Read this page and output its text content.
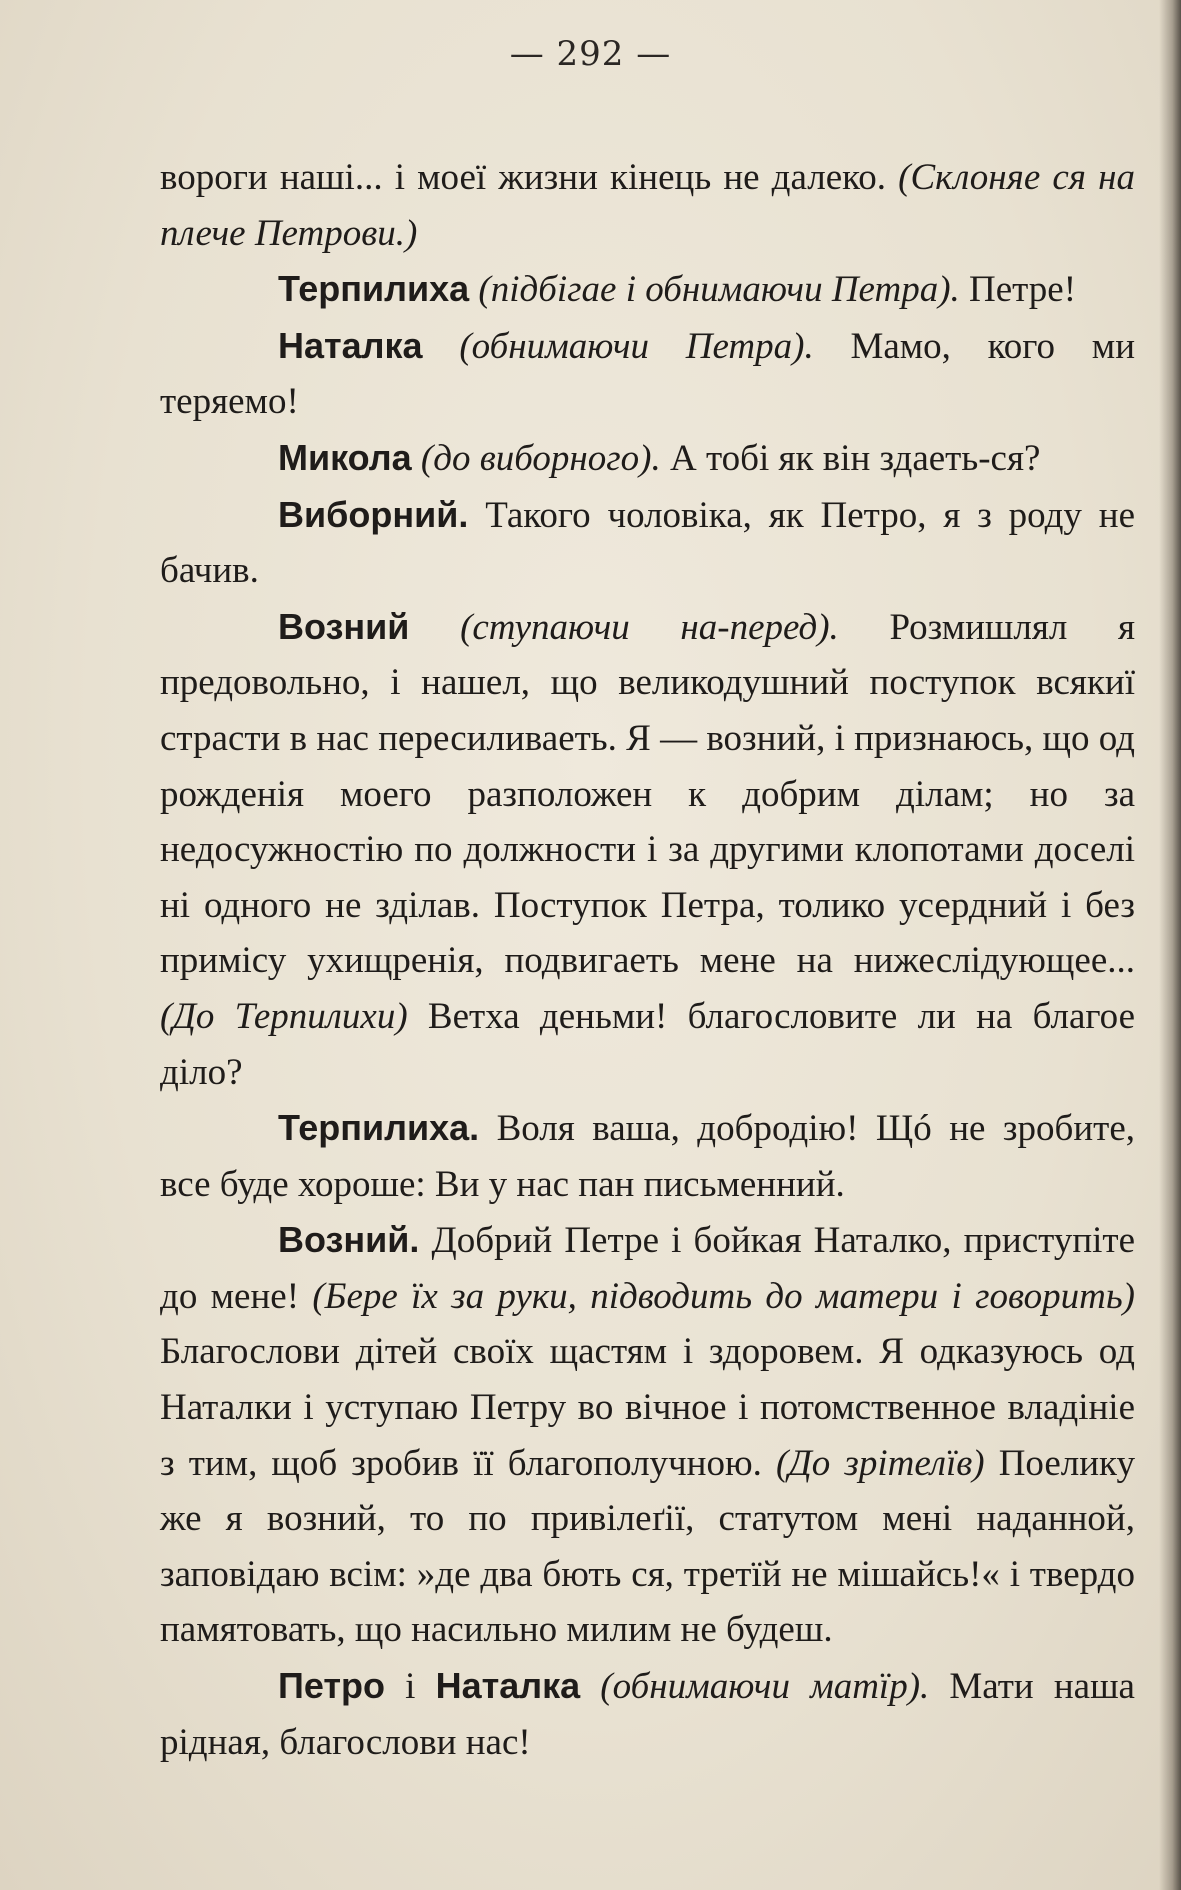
— 292 —

вороги наші... і моеї жизни кінець не далеко. (Склоняе ся на плече Петрови.)

Терпилиха (підбігае і обнимаючи Петра). Петре!

Наталка (обнимаючи Петра). Мамо, кого ми теряемо!

Микола (до виборного). А тобі як він здаеть-ся?

Виборний. Такого чоловіка, як Петро, я з роду не бачив.

Возний (ступаючи на-перед). Розмишлял я предовольно, і нашел, що великодушний поступок всякиї страсти в нас пересиливаеть. Я — возний, і признаюсь, що од рожденія моего разположен к добрим ділам; но за недосужностію по должности і за другими клопотами доселі ні одного не зділав. Поступок Петра, толико усердний і без примісу ухищренія, подвигаеть мене на нижеслідующее... (До Терпилихи) Ветха деньми! благословите ли на благое діло?

Терпилиха. Воля ваша, добродію! Щó не зробите, все буде хороше: Ви у нас пан письменний.

Возний. Добрий Петре і бойкая Наталко, приступіте до мене! (Бере їх за руки, підводить до матери і говорить) Благослови дітей своїх щастям і здоровем. Я одказуюсь од Наталки і уступаю Петру во вічное і потомственное владініе з тим, щоб зробив її благополучною. (До зрітелїв) Поелику же я возний, то по привілеґії, статутом мені наданной, заповідаю всім: »де два бють ся, третїй не мішайсь!« і твердо памятовать, що насильно милим не будеш.

Петро і Наталка (обнимаючи матїр). Мати наша рідная, благослови нас!
